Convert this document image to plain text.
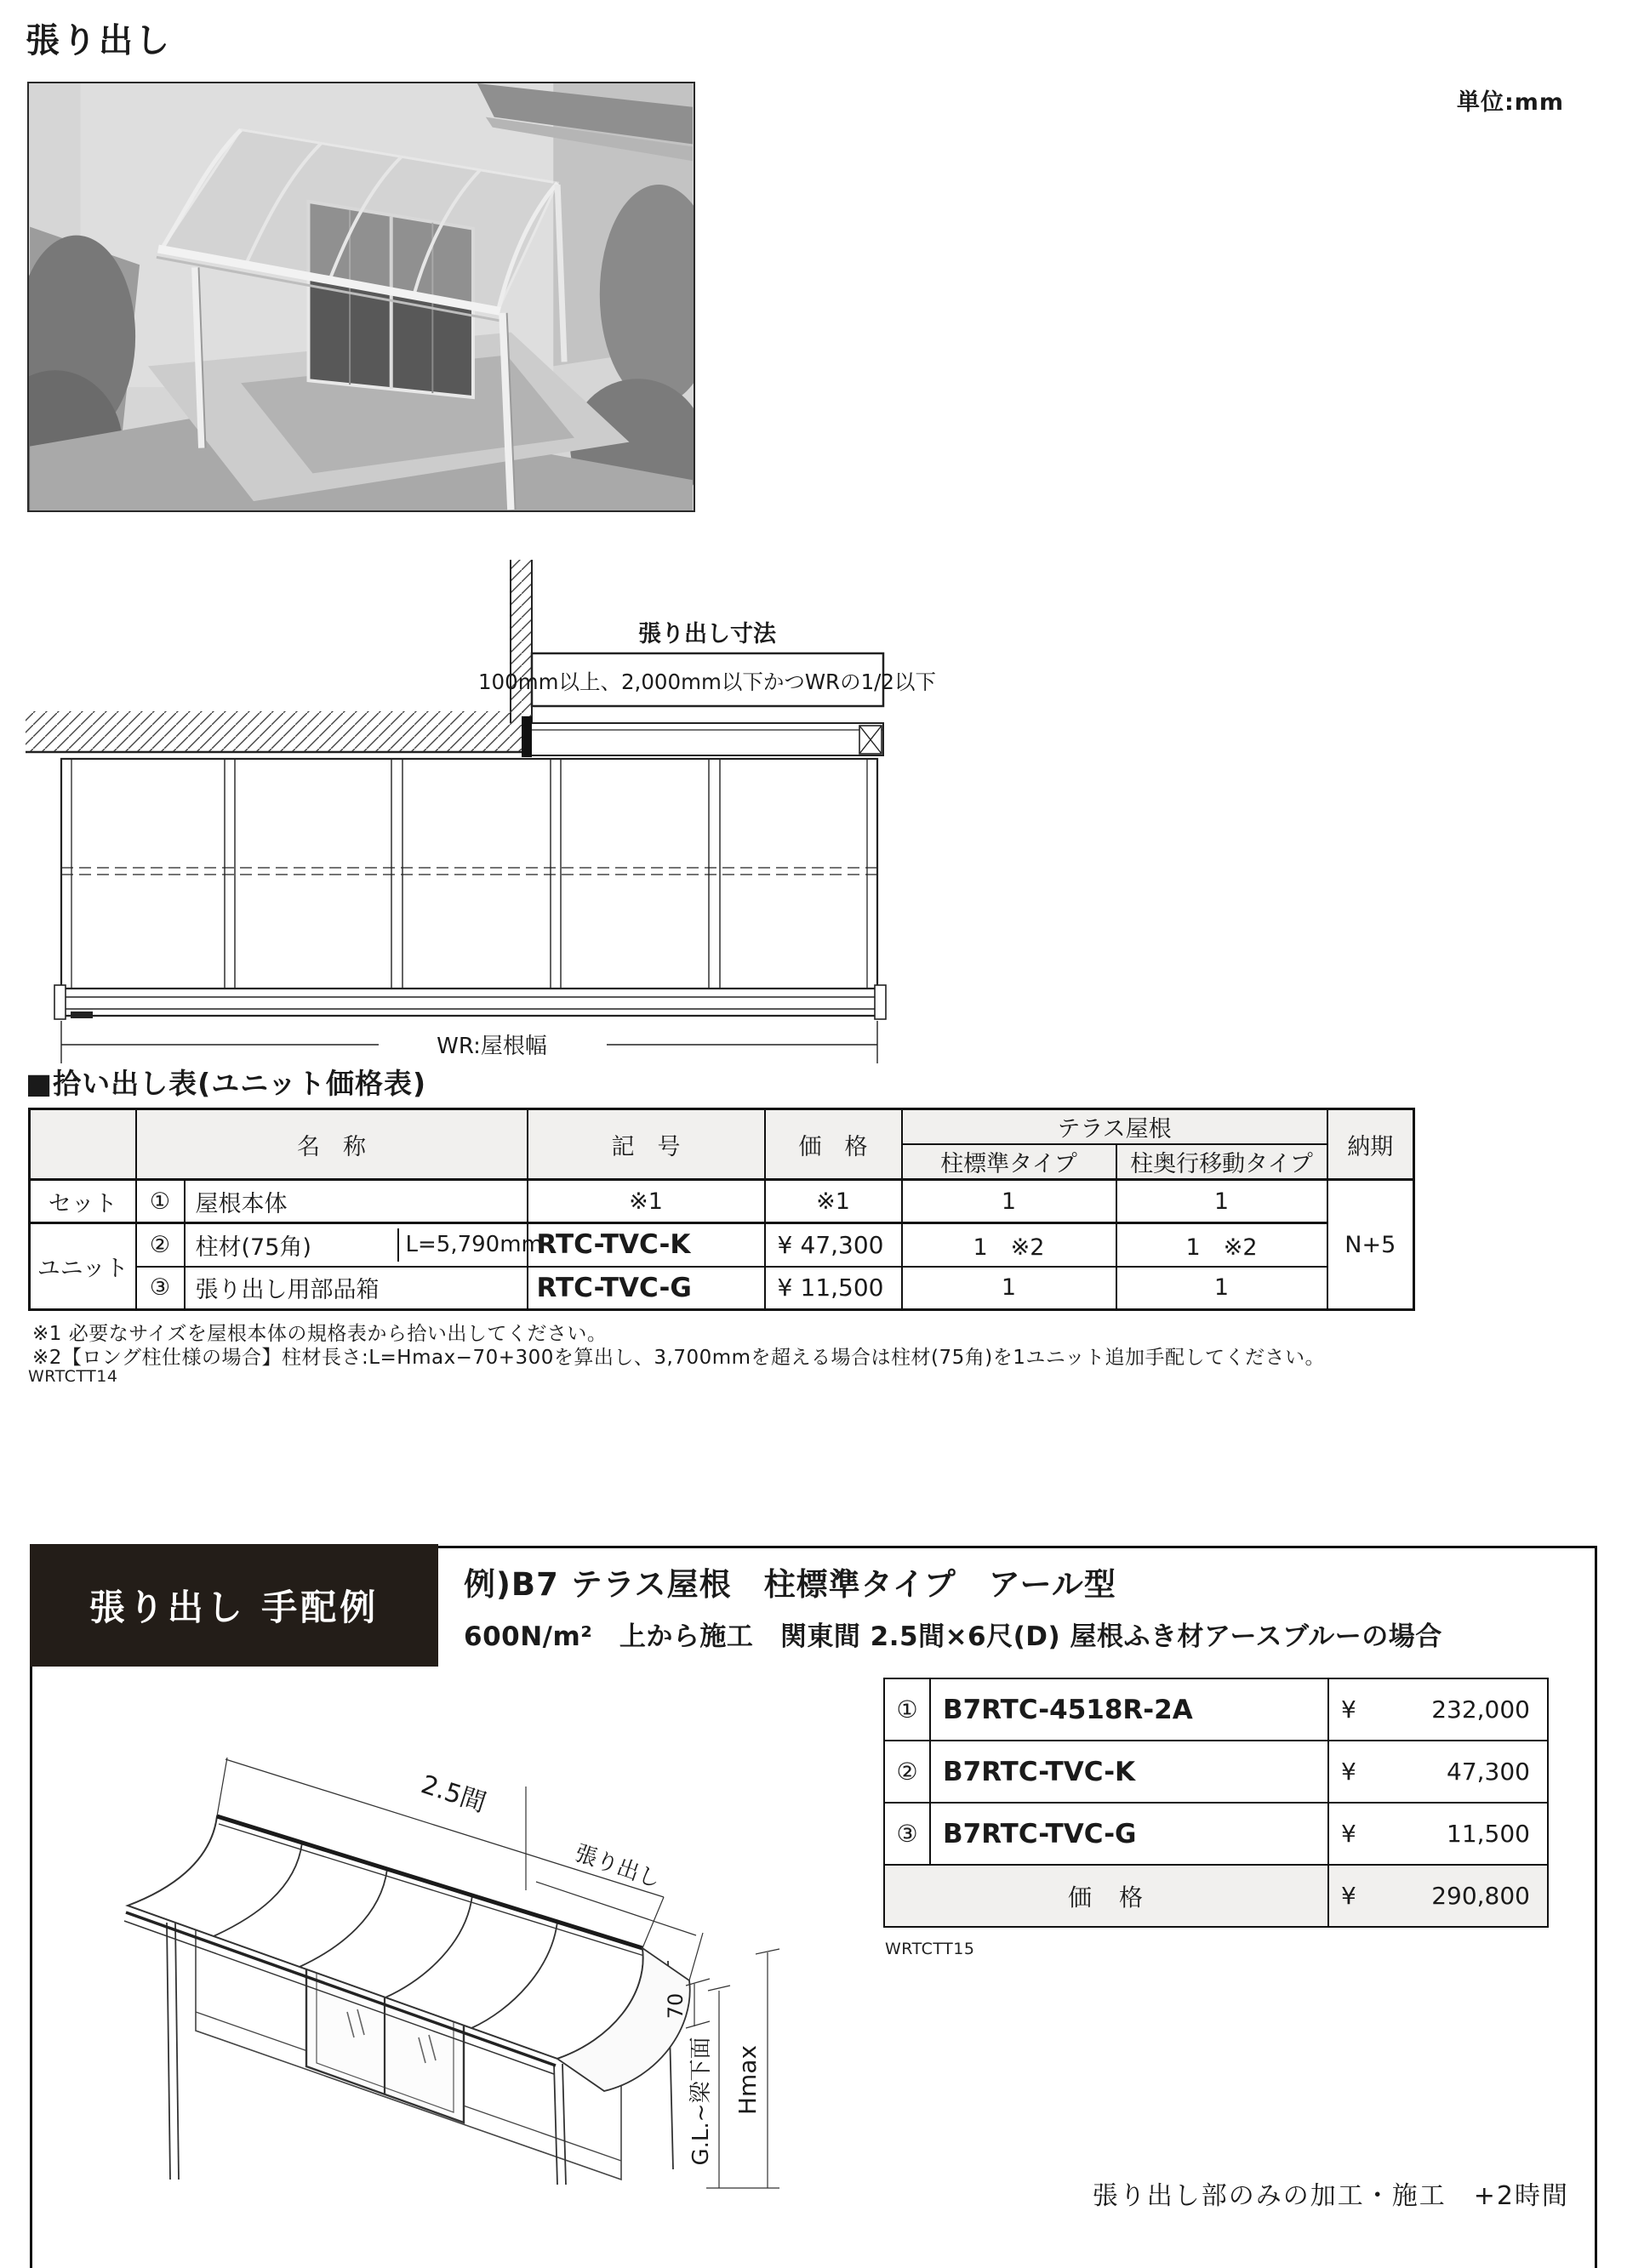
張り出し
単位:mm
張り出し寸法
100mm以上、2,000mm以下かつWRの1/2以下
WR:屋根幅
■拾い出し表(ユニット価格表)
	名　称		記　号	価　格	テラス屋根		納期
					柱標準タイプ	柱奥行移動タイプ	
セット	①	屋根本体	※1	※1	1	1	N+5
ユニット	②	柱材(75角) L=5,790mm	RTC-TVC-K	¥ 47,300	1　※2	1　※2	
	③	張り出し用部品箱	RTC-TVC-G	¥ 11,500	1	1	
※1 必要なサイズを屋根本体の規格表から拾い出してください。
※2【ロング柱仕様の場合】柱材長さ:L=Hmax−70+300を算出し、3,700mmを超える場合は柱材(75角)を1ユニット追加手配してください。
WRTCTT14
張り出し 手配例
例)B7 テラス屋根　柱標準タイプ　アール型
600N/m²　上から施工　関東間 2.5間×6尺(D) 屋根ふき材アースブルーの場合
2.5間
張り出し
70
G.L.~梁下面 Hmax
①	B7RTC-4518R-2A	¥ 232,000

②	B7RTC-TVC-K	¥ 47,300

③	B7RTC-TVC-G	¥ 11,500

価　格		¥ 290,800
WRTCTT15
張り出し部のみの加工・施工　+2時間
